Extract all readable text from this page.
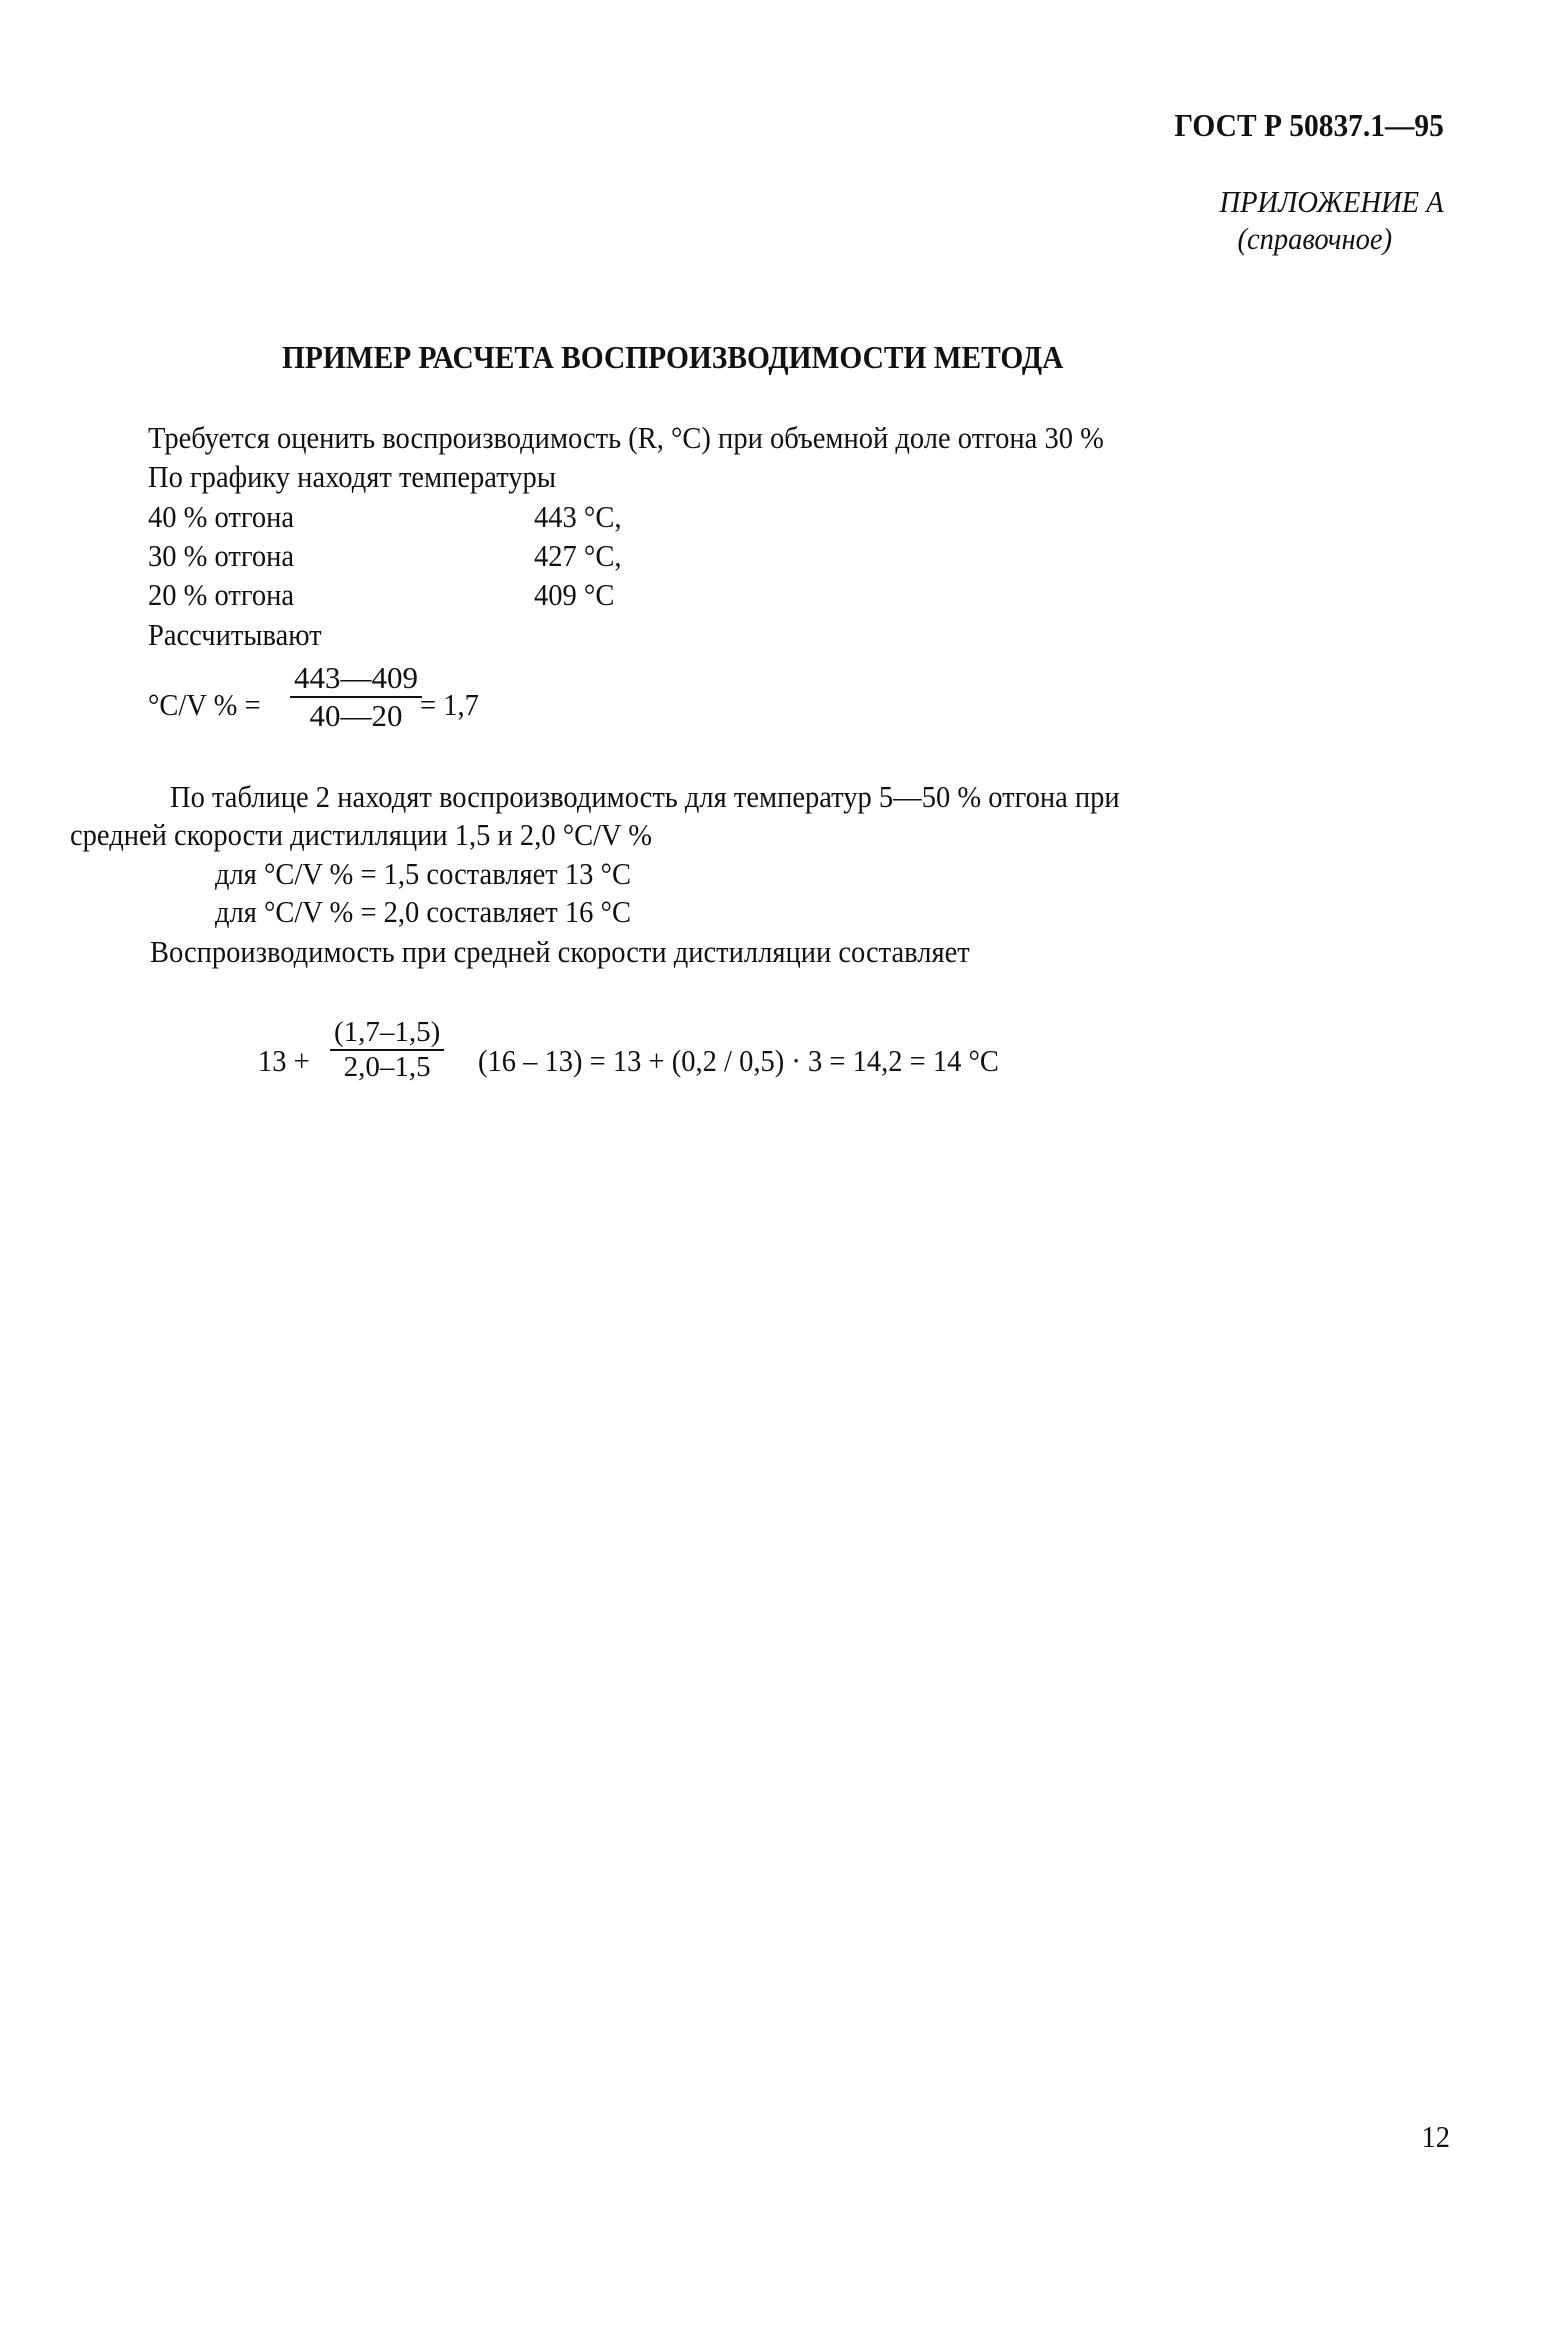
ГОСТ Р 50837.1—95
ПРИЛОЖЕНИЕ А
(справочное)
ПРИМЕР РАСЧЕТА ВОСПРОИЗВОДИМОСТИ МЕТОДА
Требуется оценить воспроизводимость (R, °C) при объемной доле отгона 30 %
По графику находят температуры
40 % отгона	443 °C,
30 % отгона	427 °C,
20 % отгона	409 °C
Рассчитывают
°C/V % = $\frac{443—409}{40—20}$
= 1,7
По таблице 2 находят воспроизводимость для температур 5—50 % отгона при
средней скорости дистилляции 1,5 и 2,0 °C/V %
для °C/V % = 1,5 составляет 13 °C
для °C/V % = 2,0 составляет 16 °C
Воспроизводимость при средней скорости дистилляции составляет
$13 + \frac{(1,7-1,5)}{2,0-1,5} (16 - 13) = 13 + (0,2 / 0,5) \cdot 3 = 14,2 = 14$ °C
12
